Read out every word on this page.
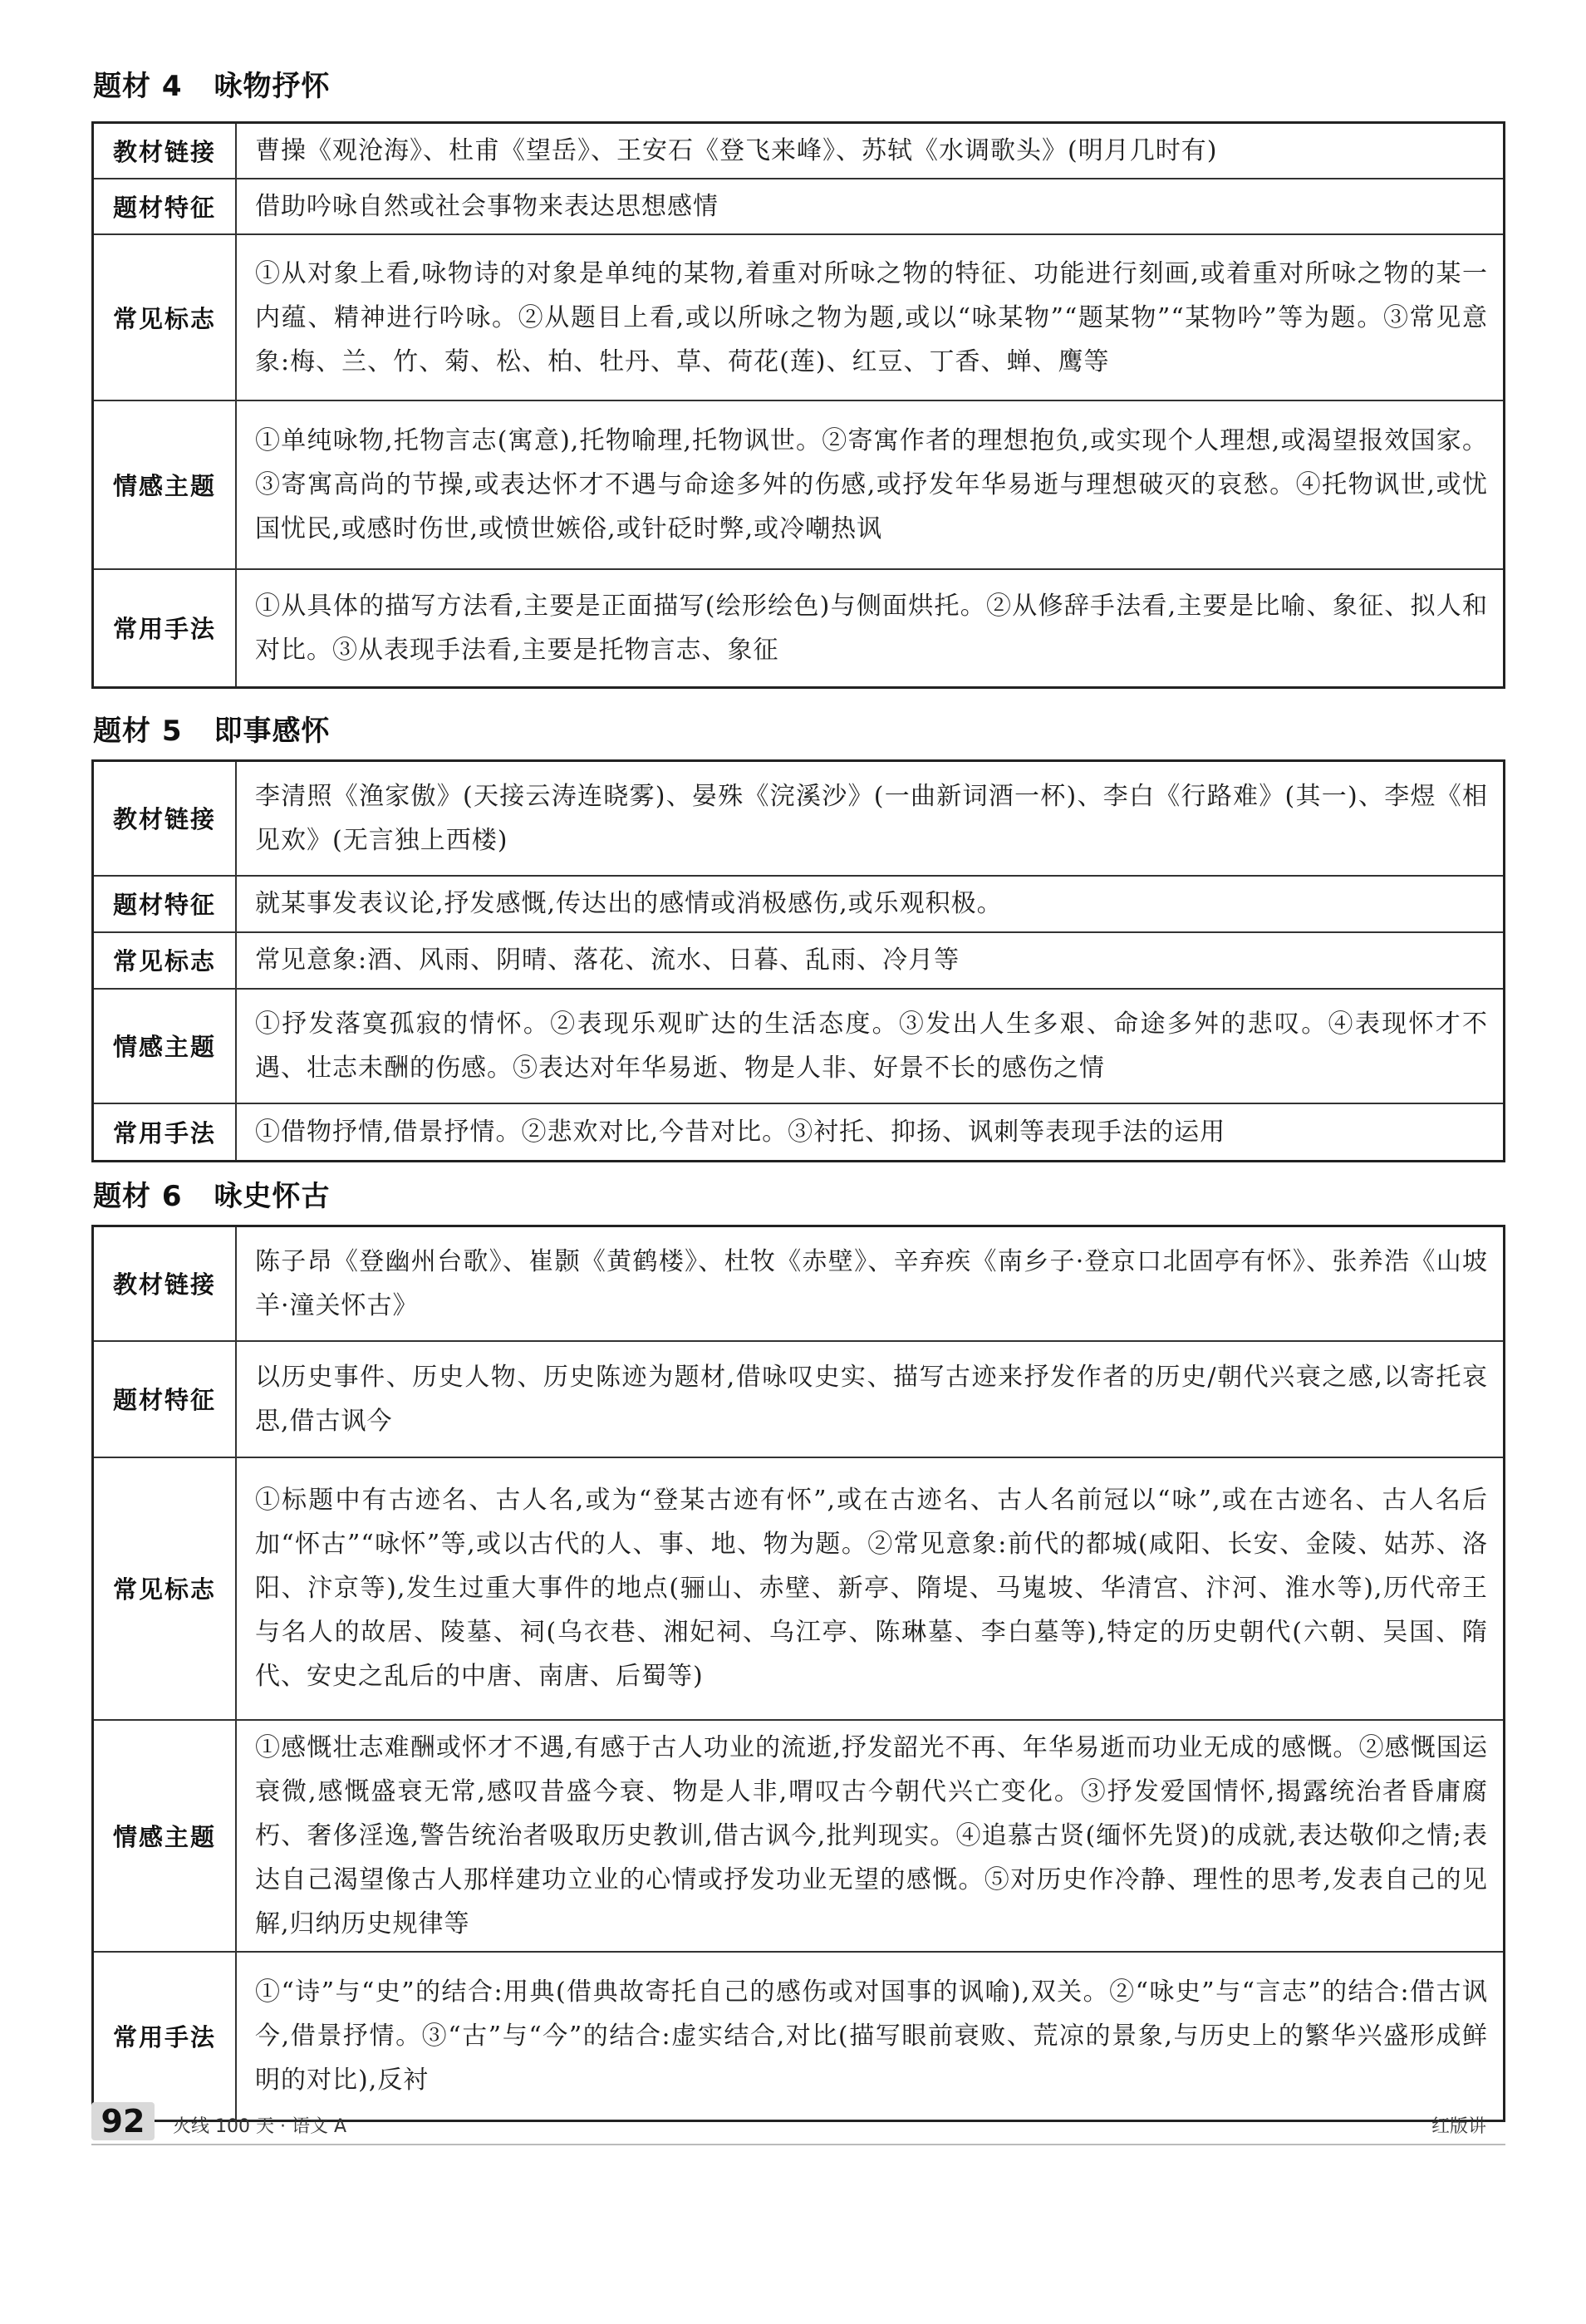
题材 4 咏物抒怀
教材链接	曹操《观沧海》、杜甫《望岳》、王安石《登飞来峰》、苏轼《水调歌头》(明月几时有)
题材特征	借助吟咏自然或社会事物来表达思想感情
常见标志	①从对象上看,咏物诗的对象是单纯的某物,着重对所咏之物的特征、功能进行刻画,或着重对所咏之物的某一内蕴、精神进行吟咏。②从题目上看,或以所咏之物为题,或以“咏某物”“题某物”“某物吟”等为题。③常见意象:梅、兰、竹、菊、松、柏、牡丹、草、荷花(莲)、红豆、丁香、蝉、鹰等
情感主题	①单纯咏物,托物言志(寓意),托物喻理,托物讽世。②寄寓作者的理想抱负,或实现个人理想,或渴望报效国家。③寄寓高尚的节操,或表达怀才不遇与命途多舛的伤感,或抒发年华易逝与理想破灭的哀愁。④托物讽世,或忧国忧民,或感时伤世,或愤世嫉俗,或针砭时弊,或冷嘲热讽
常用手法	①从具体的描写方法看,主要是正面描写(绘形绘色)与侧面烘托。②从修辞手法看,主要是比喻、象征、拟人和对比。③从表现手法看,主要是托物言志、象征
题材 5 即事感怀
教材链接	李清照《渔家傲》(天接云涛连晓雾)、晏殊《浣溪沙》(一曲新词酒一杯)、李白《行路难》(其一)、李煜《相见欢》(无言独上西楼)
题材特征	就某事发表议论,抒发感慨,传达出的感情或消极感伤,或乐观积极。
常见标志	常见意象:酒、风雨、阴晴、落花、流水、日暮、乱雨、冷月等
情感主题	①抒发落寞孤寂的情怀。②表现乐观旷达的生活态度。③发出人生多艰、命途多舛的悲叹。④表现怀才不遇、壮志未酬的伤感。⑤表达对年华易逝、物是人非、好景不长的感伤之情
常用手法	①借物抒情,借景抒情。②悲欢对比,今昔对比。③衬托、抑扬、讽刺等表现手法的运用
题材 6 咏史怀古
教材链接	陈子昂《登幽州台歌》、崔颢《黄鹤楼》、杜牧《赤壁》、辛弃疾《南乡子·登京口北固亭有怀》、张养浩《山坡羊·潼关怀古》
题材特征	以历史事件、历史人物、历史陈迹为题材,借咏叹史实、描写古迹来抒发作者的历史/朝代兴衰之感,以寄托哀思,借古讽今
常见标志	①标题中有古迹名、古人名,或为“登某古迹有怀”,或在古迹名、古人名前冠以“咏”,或在古迹名、古人名后加“怀古”“咏怀”等,或以古代的人、事、地、物为题。②常见意象:前代的都城(咸阳、长安、金陵、姑苏、洛阳、汴京等),发生过重大事件的地点(骊山、赤壁、新亭、隋堤、马嵬坡、华清宫、汴河、淮水等),历代帝王与名人的故居、陵墓、祠(乌衣巷、湘妃祠、乌江亭、陈琳墓、李白墓等),特定的历史朝代(六朝、吴国、隋代、安史之乱后的中唐、南唐、后蜀等)
情感主题	①感慨壮志难酬或怀才不遇,有感于古人功业的流逝,抒发韶光不再、年华易逝而功业无成的感慨。②感慨国运衰微,感慨盛衰无常,感叹昔盛今衰、物是人非,喟叹古今朝代兴亡变化。③抒发爱国情怀,揭露统治者昏庸腐朽、奢侈淫逸,警告统治者吸取历史教训,借古讽今,批判现实。④追慕古贤(缅怀先贤)的成就,表达敬仰之情;表达自己渴望像古人那样建功立业的心情或抒发功业无望的感慨。⑤对历史作冷静、理性的思考,发表自己的见解,归纳历史规律等
常用手法	①“诗”与“史”的结合:用典(借典故寄托自己的感伤或对国事的讽喻),双关。②“咏史”与“言志”的结合:借古讽今,借景抒情。③“古”与“今”的结合:虚实结合,对比(描写眼前衰败、荒凉的景象,与历史上的繁华兴盛形成鲜明的对比),反衬
92	火线 100 天 · 语文 A	红版讲
